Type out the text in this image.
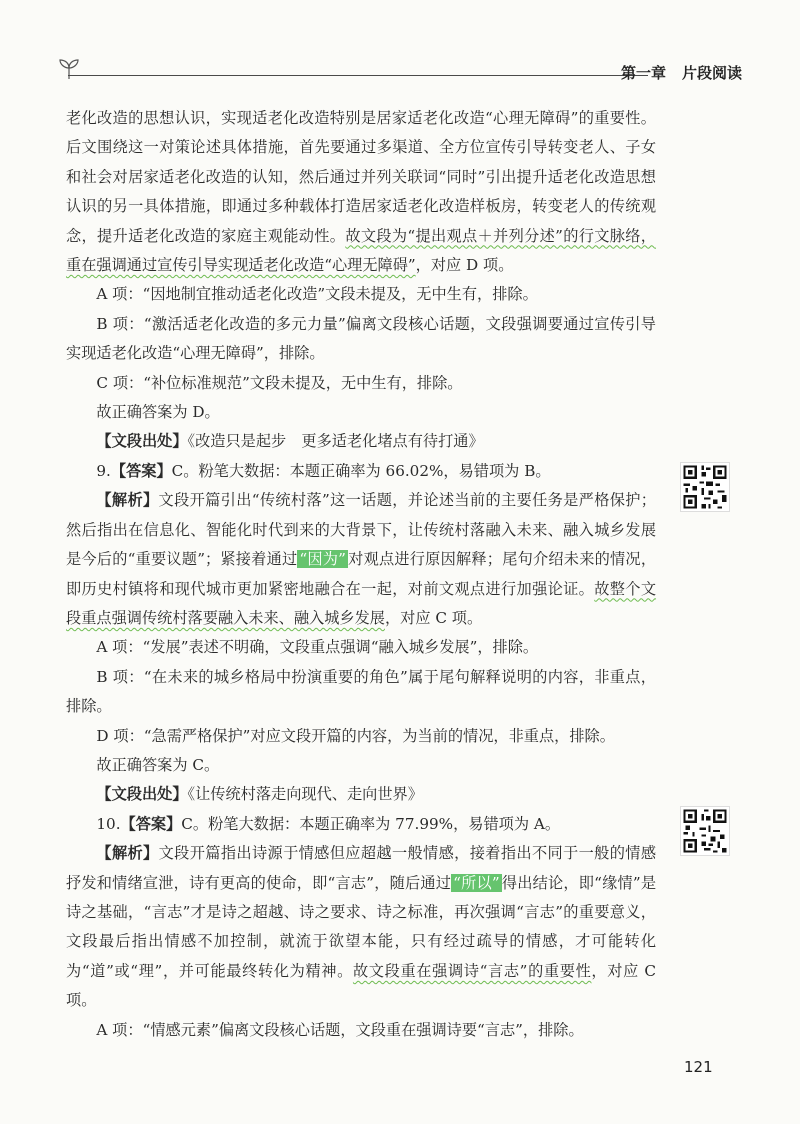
第一章 片段阅读

老化改造的思想认识，实现适老化改造特别是居家适老化改造“心理无障碍”的重要性。后文围绕这一对策论述具体措施，首先要通过多渠道、全方位宣传引导转变老人、子女和社会对居家适老化改造的认知，然后通过并列关联词“同时”引出提升适老化改造思想认识的另一具体措施，即通过多种载体打造居家适老化改造样板房，转变老人的传统观念，提升适老化改造的家庭主观能动性。故文段为“提出观点＋并列分述”的行文脉络，重在强调通过宣传引导实现适老化改造“心理无障碍”，对应 D 项。

A 项：“因地制宜推动适老化改造”文段未提及，无中生有，排除。

B 项：“激活适老化改造的多元力量”偏离文段核心话题，文段强调要通过宣传引导实现适老化改造“心理无障碍”，排除。

C 项：“补位标准规范”文段未提及，无中生有，排除。

故正确答案为 D。

【文段出处】《改造只是起步　更多适老化堵点有待打通》

9.【答案】C。粉笔大数据：本题正确率为 66.02%，易错项为 B。

【解析】文段开篇引出“传统村落”这一话题，并论述当前的主要任务是严格保护；然后指出在信息化、智能化时代到来的大背景下，让传统村落融入未来、融入城乡发展是今后的“重要议题”；紧接着通过 “因为” 对观点进行原因解释；尾句介绍未来的情况，即历史村镇将和现代城市更加紧密地融合在一起，对前文观点进行加强论证。故整个文段重点强调传统村落要融入未来、融入城乡发展，对应 C 项。

A 项：“发展”表述不明确，文段重点强调“融入城乡发展”，排除。

B 项：“在未来的城乡格局中扮演重要的角色”属于尾句解释说明的内容，非重点，排除。

D 项：“急需严格保护”对应文段开篇的内容，为当前的情况，非重点，排除。

故正确答案为 C。

【文段出处】《让传统村落走向现代、走向世界》

10.【答案】C。粉笔大数据：本题正确率为 77.99%，易错项为 A。

【解析】文段开篇指出诗源于情感但应超越一般情感，接着指出不同于一般的情感抒发和情绪宣泄，诗有更高的使命，即“言志”，随后通过 “所以” 得出结论，即“缘情”是诗之基础，“言志”才是诗之超越、诗之要求、诗之标准，再次强调“言志”的重要意义，文段最后指出情感不加控制，就流于欲望本能，只有经过疏导的情感，才可能转化为“道”或“理”，并可能最终转化为精神。故文段重在强调诗“言志”的重要性，对应 C 项。

A 项：“情感元素”偏离文段核心话题，文段重在强调诗要“言志”，排除。

121
